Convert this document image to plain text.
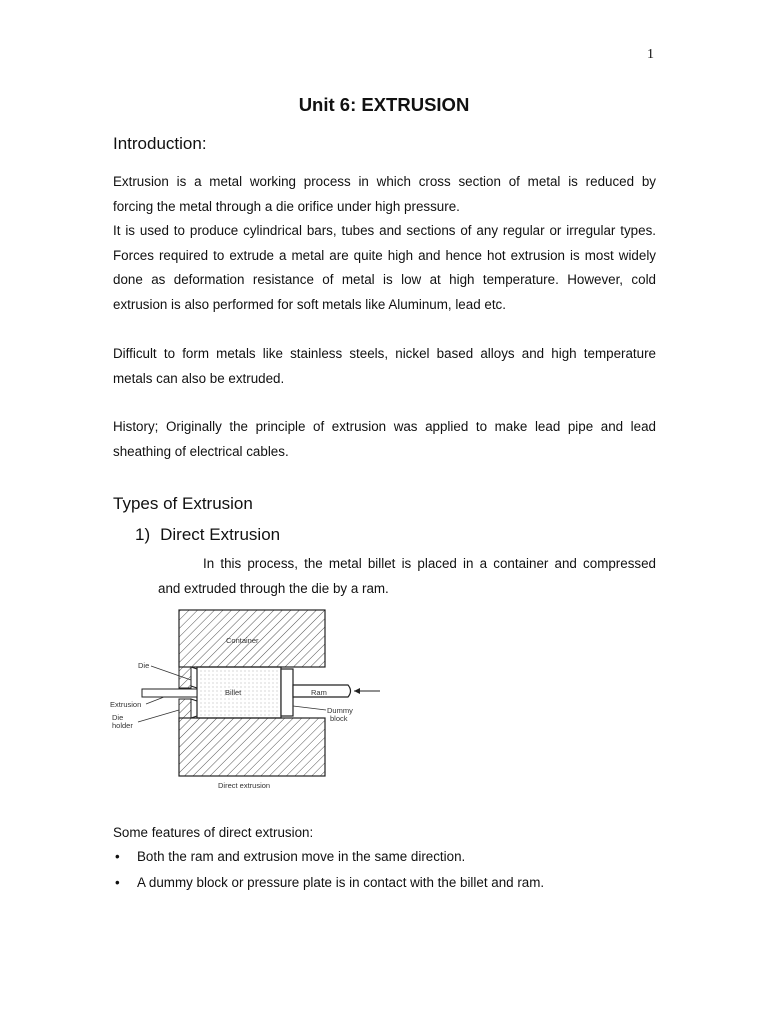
1
Unit 6: EXTRUSION
Introduction:
Extrusion is a metal working process in which cross section of metal is reduced by
forcing the metal through a die orifice under high pressure.
It is used to produce cylindrical bars, tubes and sections of any regular or irregular types.
Forces required to extrude a metal are quite high and hence hot extrusion is most widely
done as deformation resistance of metal is low at high temperature. However, cold
extrusion is also performed for soft metals like Aluminum, lead etc.
Difficult to form metals like stainless steels, nickel based alloys and high temperature
metals can also be extruded.
History; Originally the principle of extrusion was applied to make lead pipe and lead
sheathing of electrical cables.
Types of Extrusion
1) Direct Extrusion
In this process, the metal billet is placed in a container and compressed
and extruded through the die by a ram.
Container
Die
Billet	Ram
Extrusion
Dummy
block
Die
holder
Direct extrusion
Some features of direct extrusion:
• Both the ram and extrusion move in the same direction.
• A dummy block or pressure plate is in contact with the billet and ram.
